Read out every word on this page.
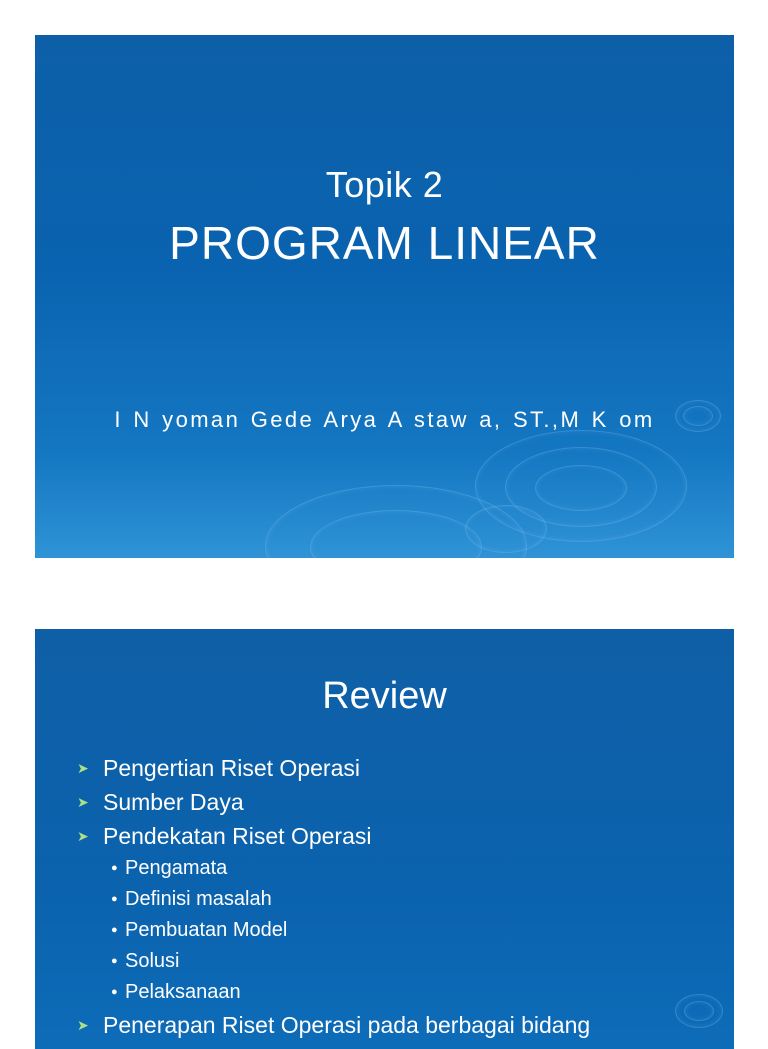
Topik 2
PROGRAM LINEAR
I N yoman Gede Arya A staw a, ST.,M K om
Review
➤ Pengertian Riset Operasi
➤ Sumber Daya
➤ Pendekatan Riset Operasi
● Pengamata
● Definisi masalah
● Pembuatan Model
● Solusi
● Pelaksanaan
➤ Penerapan Riset Operasi pada berbagai bidang
